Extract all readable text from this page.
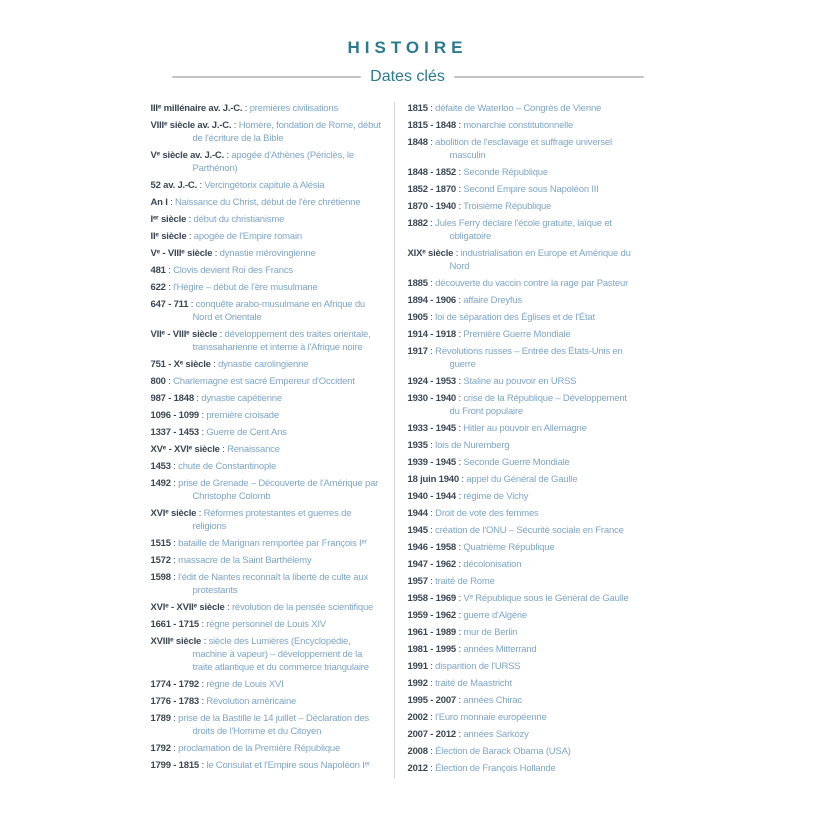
HISTOIRE
Dates clés
IIIᵉ millénaire av. J.-C. : premières civilisations
VIIIᵉ siècle av. J.-C. : Homère, fondation de Rome, début de l'écriture de la Bible
Vᵉ siècle av. J.-C. : apogée d'Athènes (Périclès, le Parthénon)
52 av. J.-C. : Vercingétorix capitule à Alésia
An I : Naissance du Christ, début de l'ère chrétienne
Iᵉʳ siècle : début du christianisme
IIᵉ siècle : apogée de l'Empire romain
Vᵉ - VIIIᵉ siècle : dynastie mérovingienne
481 : Clovis devient Roi des Francs
622 : l'Hégire – début de l'ère musulmane
647 - 711 : conquête arabo-musulmane en Afrique du Nord et Orientale
VIIᵉ - VIIIᵉ siècle : développement des traites orientale, transsaharienne et interne à l'Afrique noire
751 - Xᵉ siècle : dynastie carolingienne
800 : Charlemagne est sacré Empereur d'Occident
987 - 1848 : dynastie capétienne
1096 - 1099 : première croisade
1337 - 1453 : Guerre de Cent Ans
XVᵉ - XVIᵉ siècle : Renaissance
1453 : chute de Constantinople
1492 : prise de Grenade – Découverte de l'Amérique par Christophe Colomb
XVIᵉ siècle : Réformes protestantes et guerres de religions
1515 : bataille de Marignan remportée par François Iᵉʳ
1572 : massacre de la Saint Barthélemy
1598 : l'édit de Nantes reconnaît la liberté de culte aux protestants
XVIᵉ - XVIIᵉ siècle : révolution de la pensée scientifique
1661 - 1715 : règne personnel de Louis XIV
XVIIIᵉ siècle : siècle des Lumières (Encyclopédie, machine à vapeur) – développement de la traite atlantique et du commerce triangulaire
1774 - 1792 : règne de Louis XVI
1776 - 1783 : Révolution américaine
1789 : prise de la Bastille le 14 juillet – Déclaration des droits de l'Homme et du Citoyen
1792 : proclamation de la Première République
1799 - 1815 : le Consulat et l'Empire sous Napoléon Iᵉʳ
1815 : défaite de Waterloo – Congrès de Vienne
1815 - 1848 : monarchie constitutionnelle
1848 : abolition de l'esclavage et suffrage universel masculin
1848 - 1852 : Seconde République
1852 - 1870 : Second Empire sous Napoléon III
1870 - 1940 : Troisième République
1882 : Jules Ferry déclare l'école gratuite, laïque et obligatoire
XIXᵉ siècle : industrialisation en Europe et Amérique du Nord
1885 : découverte du vaccin contre la rage par Pasteur
1894 - 1906 : affaire Dreyfus
1905 : loi de séparation des Églises et de l'État
1914 - 1918 : Première Guerre Mondiale
1917 : Révolutions russes – Entrée des États-Unis en guerre
1924 - 1953 : Staline au pouvoir en URSS
1930 - 1940 : crise de la République – Développement du Front populaire
1933 - 1945 : Hitler au pouvoir en Allemagne
1935 : lois de Nuremberg
1939 - 1945 : Seconde Guerre Mondiale
18 juin 1940 : appel du Général de Gaulle
1940 - 1944 : régime de Vichy
1944 : Droit de vote des femmes
1945 : création de l'ONU – Sécurité sociale en France
1946 - 1958 : Quatrième République
1947 - 1962 : décolonisation
1957 : traité de Rome
1958 - 1969 : Vᵉ République sous le Général de Gaulle
1959 - 1962 : guerre d'Algérie
1961 - 1989 : mur de Berlin
1981 - 1995 : années Mitterrand
1991 : disparition de l'URSS
1992 : traité de Maastricht
1995 - 2007 : années Chirac
2002 : l'Euro monnaie européenne
2007 - 2012 : années Sarkozy
2008 : Élection de Barack Obama (USA)
2012 : Élection de François Hollande
